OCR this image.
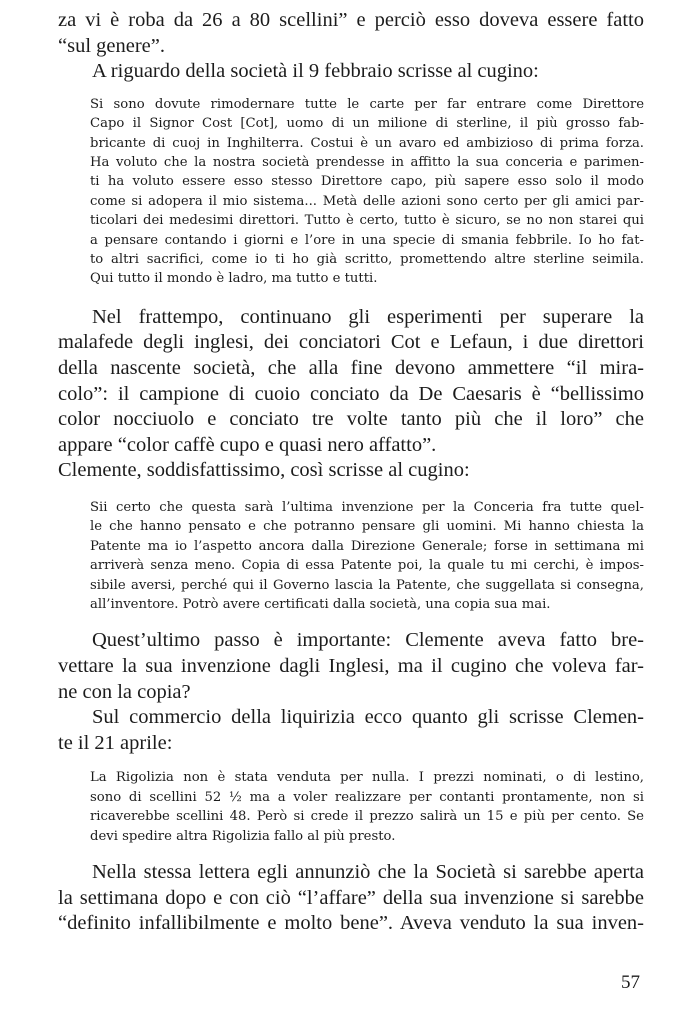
za vi è roba da 26 a 80 scellini” e perciò esso doveva essere fatto
“sul genere”.
A riguardo della società il 9 febbraio scrisse al cugino:
Si sono dovute rimodernare tutte le carte per far entrare come Direttore
Capo il Signor Cost [Cot], uomo di un milione di sterline, il più grosso fab-
bricante di cuoj in Inghilterra. Costui è un avaro ed ambizioso di prima forza.
Ha voluto che la nostra società prendesse in affitto la sua conceria e parimen-
ti ha voluto essere esso stesso Direttore capo, più sapere esso solo il modo
come si adopera il mio sistema... Metà delle azioni sono certo per gli amici par-
ticolari dei medesimi direttori. Tutto è certo, tutto è sicuro, se no non starei qui
a pensare contando i giorni e l’ore in una specie di smania febbrile. Io ho fat-
to altri sacrifici, come io ti ho già scritto, promettendo altre sterline seimila.
Qui tutto il mondo è ladro, ma tutto e tutti.
Nel frattempo, continuano gli esperimenti per superare la
malafede degli inglesi, dei conciatori Cot e Lefaun, i due direttori
della nascente società, che alla fine devono ammettere “il mira-
colo”: il campione di cuoio conciato da De Caesaris è “bellissimo
color nocciuolo e conciato tre volte tanto più che il loro” che
appare “color caffè cupo e quasi nero affatto”.
Clemente, soddisfattissimo, così scrisse al cugino:
Sii certo che questa sarà l’ultima invenzione per la Conceria fra tutte quel-
le che hanno pensato e che potranno pensare gli uomini. Mi hanno chiesta la
Patente ma io l’aspetto ancora dalla Direzione Generale; forse in settimana mi
arriverà senza meno. Copia di essa Patente poi, la quale tu mi cerchi, è impos-
sibile aversi, perché qui il Governo lascia la Patente, che suggellata si consegna,
all’inventore. Potrò avere certificati dalla società, una copia sua mai.
Quest’ultimo passo è importante: Clemente aveva fatto bre-
vettare la sua invenzione dagli Inglesi, ma il cugino che voleva far-
ne con la copia?
Sul commercio della liquirizia ecco quanto gli scrisse Clemen-
te il 21 aprile:
La Rigolizia non è stata venduta per nulla. I prezzi nominati, o di lestino,
sono di scellini 52 ½ ma a voler realizzare per contanti prontamente, non si
ricaverebbe scellini 48. Però si crede il prezzo salirà un 15 e più per cento. Se
devi spedire altra Rigolizia fallo al più presto.
Nella stessa lettera egli annunziò che la Società si sarebbe aperta
la settimana dopo e con ciò “l’affare” della sua invenzione si sarebbe
“definito infallibilmente e molto bene”. Aveva venduto la sua inven-
57
